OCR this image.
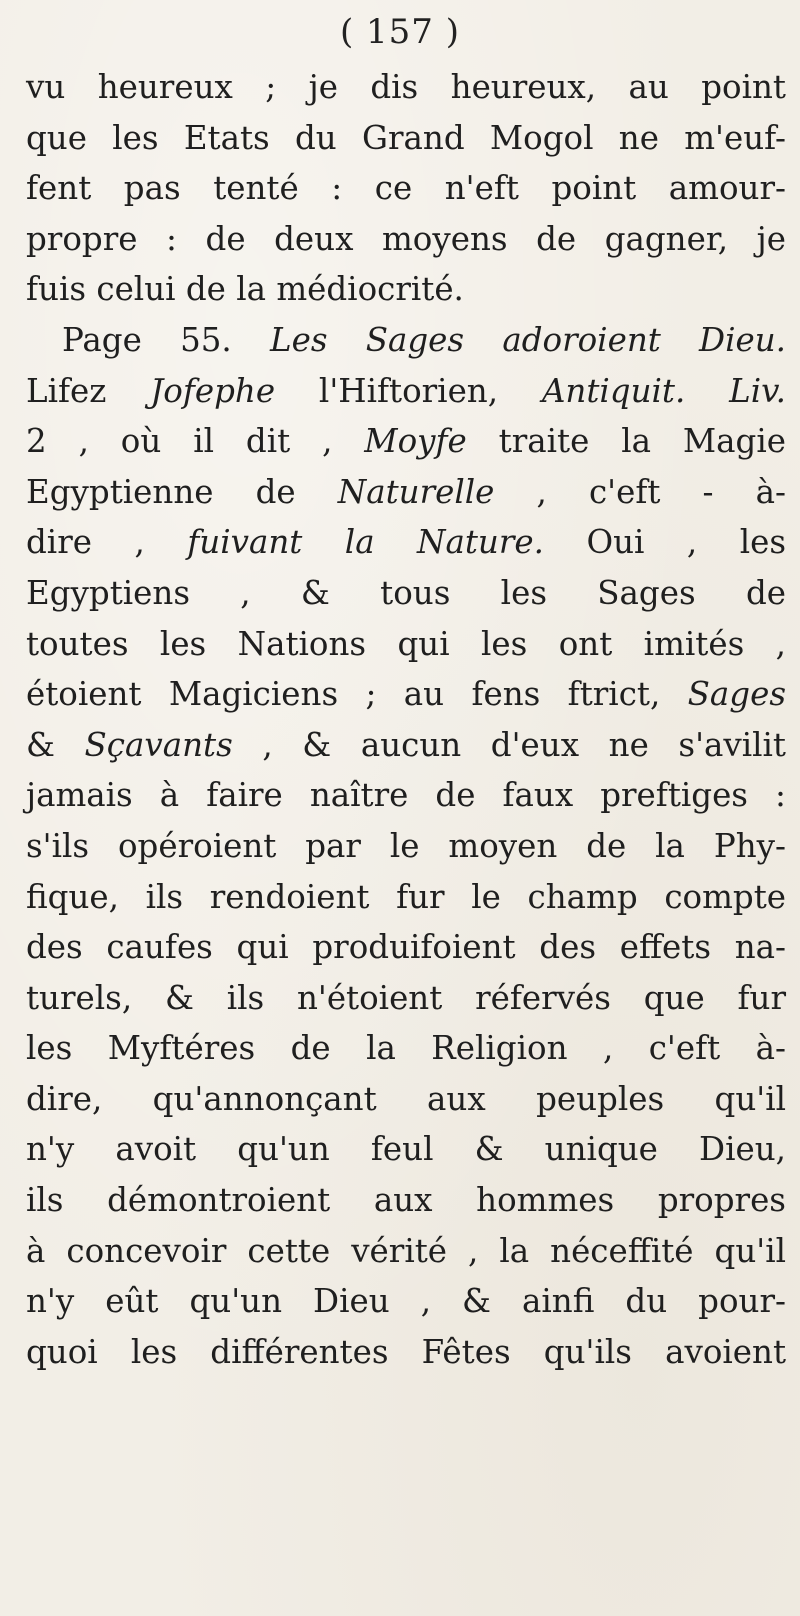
( 157 )

vu heureux ; je dis heureux, au point
que les Etats du Grand Mogol ne m'euf-
fent pas tenté : ce n'eft point amour-
propre : de deux moyens de gagner, je
fuis celui de la médiocrité.
Page 55. Les Sages adoroient Dieu.
Lifez Jofephe l'Hiftorien, Antiquit. Liv.
2 , où il dit , Moyfe traite la Magie
Egyptienne de Naturelle , c'eft - à-
dire , fuivant la Nature. Oui , les
Egyptiens , & tous les Sages de
toutes les Nations qui les ont imités ,
étoient Magiciens ; au fens ftrict, Sages
& Sçavants , & aucun d'eux ne s'avilit
jamais à faire naître de faux preftiges :
s'ils opéroient par le moyen de la Phy-
fique, ils rendoient fur le champ compte
des caufes qui produifoient des effets na-
turels, & ils n'étoient réfervés que fur
les Myftéres de la Religion , c'eft à-
dire, qu'annonçant aux peuples qu'il
n'y avoit qu'un feul & unique Dieu,
ils démontroient aux hommes propres
à concevoir cette vérité , la néceffité qu'il
n'y eût qu'un Dieu , & ainfi du pour-
quoi les différentes Fêtes qu'ils avoient
